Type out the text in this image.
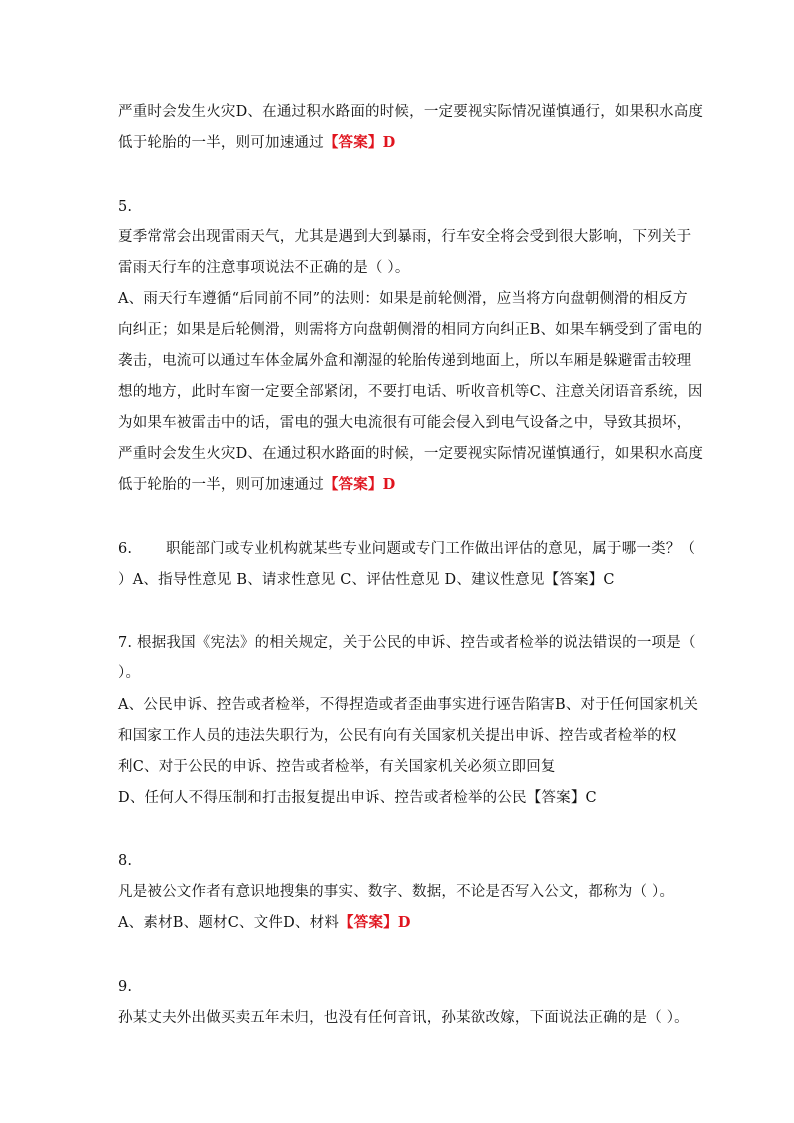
严重时会发生火灾D、在通过积水路面的时候，一定要视实际情况谨慎通行，如果积水高度
低于轮胎的一半，则可加速通过【答案】D
5.
夏季常常会出现雷雨天气，尤其是遇到大到暴雨，行车安全将会受到很大影响，下列关于
雷雨天行车的注意事项说法不正确的是（ ）。
A、雨天行车遵循“后同前不同”的法则：如果是前轮侧滑，应当将方向盘朝侧滑的相反方
向纠正；如果是后轮侧滑，则需将方向盘朝侧滑的相同方向纠正B、如果车辆受到了雷电的
袭击，电流可以通过车体金属外盒和潮湿的轮胎传递到地面上，所以车厢是躲避雷击较理
想的地方，此时车窗一定要全部紧闭，不要打电话、听收音机等C、注意关闭语音系统，因
为如果车被雷击中的话，雷电的强大电流很有可能会侵入到电气设备之中，导致其损坏，
严重时会发生火灾D、在通过积水路面的时候，一定要视实际情况谨慎通行，如果积水高度
低于轮胎的一半，则可加速通过【答案】D
6. 职能部门或专业机构就某些专业问题或专门工作做出评估的意见，属于哪一类？（
）A、指导性意见 B、请求性意见 C、评估性意见 D、建议性意见【答案】C
7. 根据我国《宪法》的相关规定，关于公民的申诉、控告或者检举的说法错误的一项是（
）。
A、公民申诉、控告或者检举，不得捏造或者歪曲事实进行诬告陷害B、对于任何国家机关
和国家工作人员的违法失职行为，公民有向有关国家机关提出申诉、控告或者检举的权
利C、对于公民的申诉、控告或者检举，有关国家机关必须立即回复
D、任何人不得压制和打击报复提出申诉、控告或者检举的公民【答案】C
8.
凡是被公文作者有意识地搜集的事实、数字、数据，不论是否写入公文，都称为（ ）。
A、素材B、题材C、文件D、材料【答案】D
9.
孙某丈夫外出做买卖五年未归，也没有任何音讯，孙某欲改嫁，下面说法正确的是（ ）。
